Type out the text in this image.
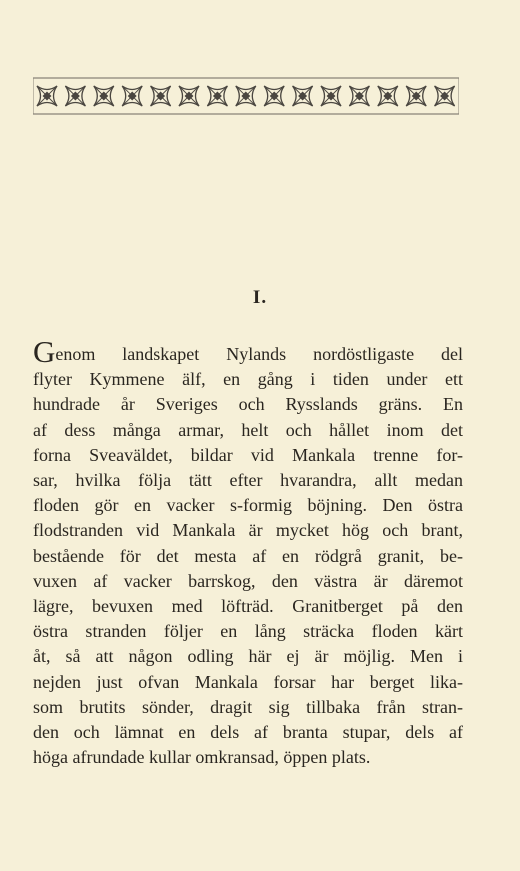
I.
Genom landskapet Nylands nordöstligaste del
flyter Kymmene älf, en gång i tiden under ett
hundrade år Sveriges och Rysslands gräns. En
af dess många armar, helt och hållet inom det
forna Sveaväldet, bildar vid Mankala trenne for-
sar, hvilka följa tätt efter hvarandra, allt medan
floden gör en vacker s-formig böjning. Den östra
flodstranden vid Mankala är mycket hög och brant,
bestående för det mesta af en rödgrå granit, be-
vuxen af vacker barrskog, den västra är däremot
lägre, bevuxen med löfträd. Granitberget på den
östra stranden följer en lång sträcka floden kärt
åt, så att någon odling här ej är möjlig. Men i
nejden just ofvan Mankala forsar har berget lika-
som brutits sönder, dragit sig tillbaka från stran-
den och lämnat en dels af branta stupar, dels af
höga afrundade kullar omkransad, öppen plats.
